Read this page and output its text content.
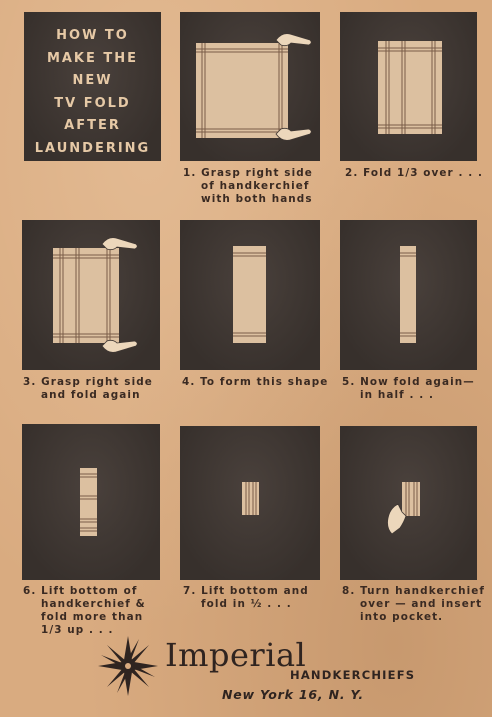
HOW TO
MAKE THE
NEW
TV FOLD
AFTER
LAUNDERING
1. Grasp right side
of handkerchief
with both hands
2. Fold 1/3 over . . .
3. Grasp right side
and fold again
4. To form this shape 5. Now fold again—
in half . . .
6. Lift bottom of
handkerchief &
fold more than
1/3 up . . .
7. Lift bottom and
fold in ½ . . .
8. Turn handkerchief
over — and insert
into pocket.
Imperial
HANDKERCHIEFS
New York 16, N. Y.
